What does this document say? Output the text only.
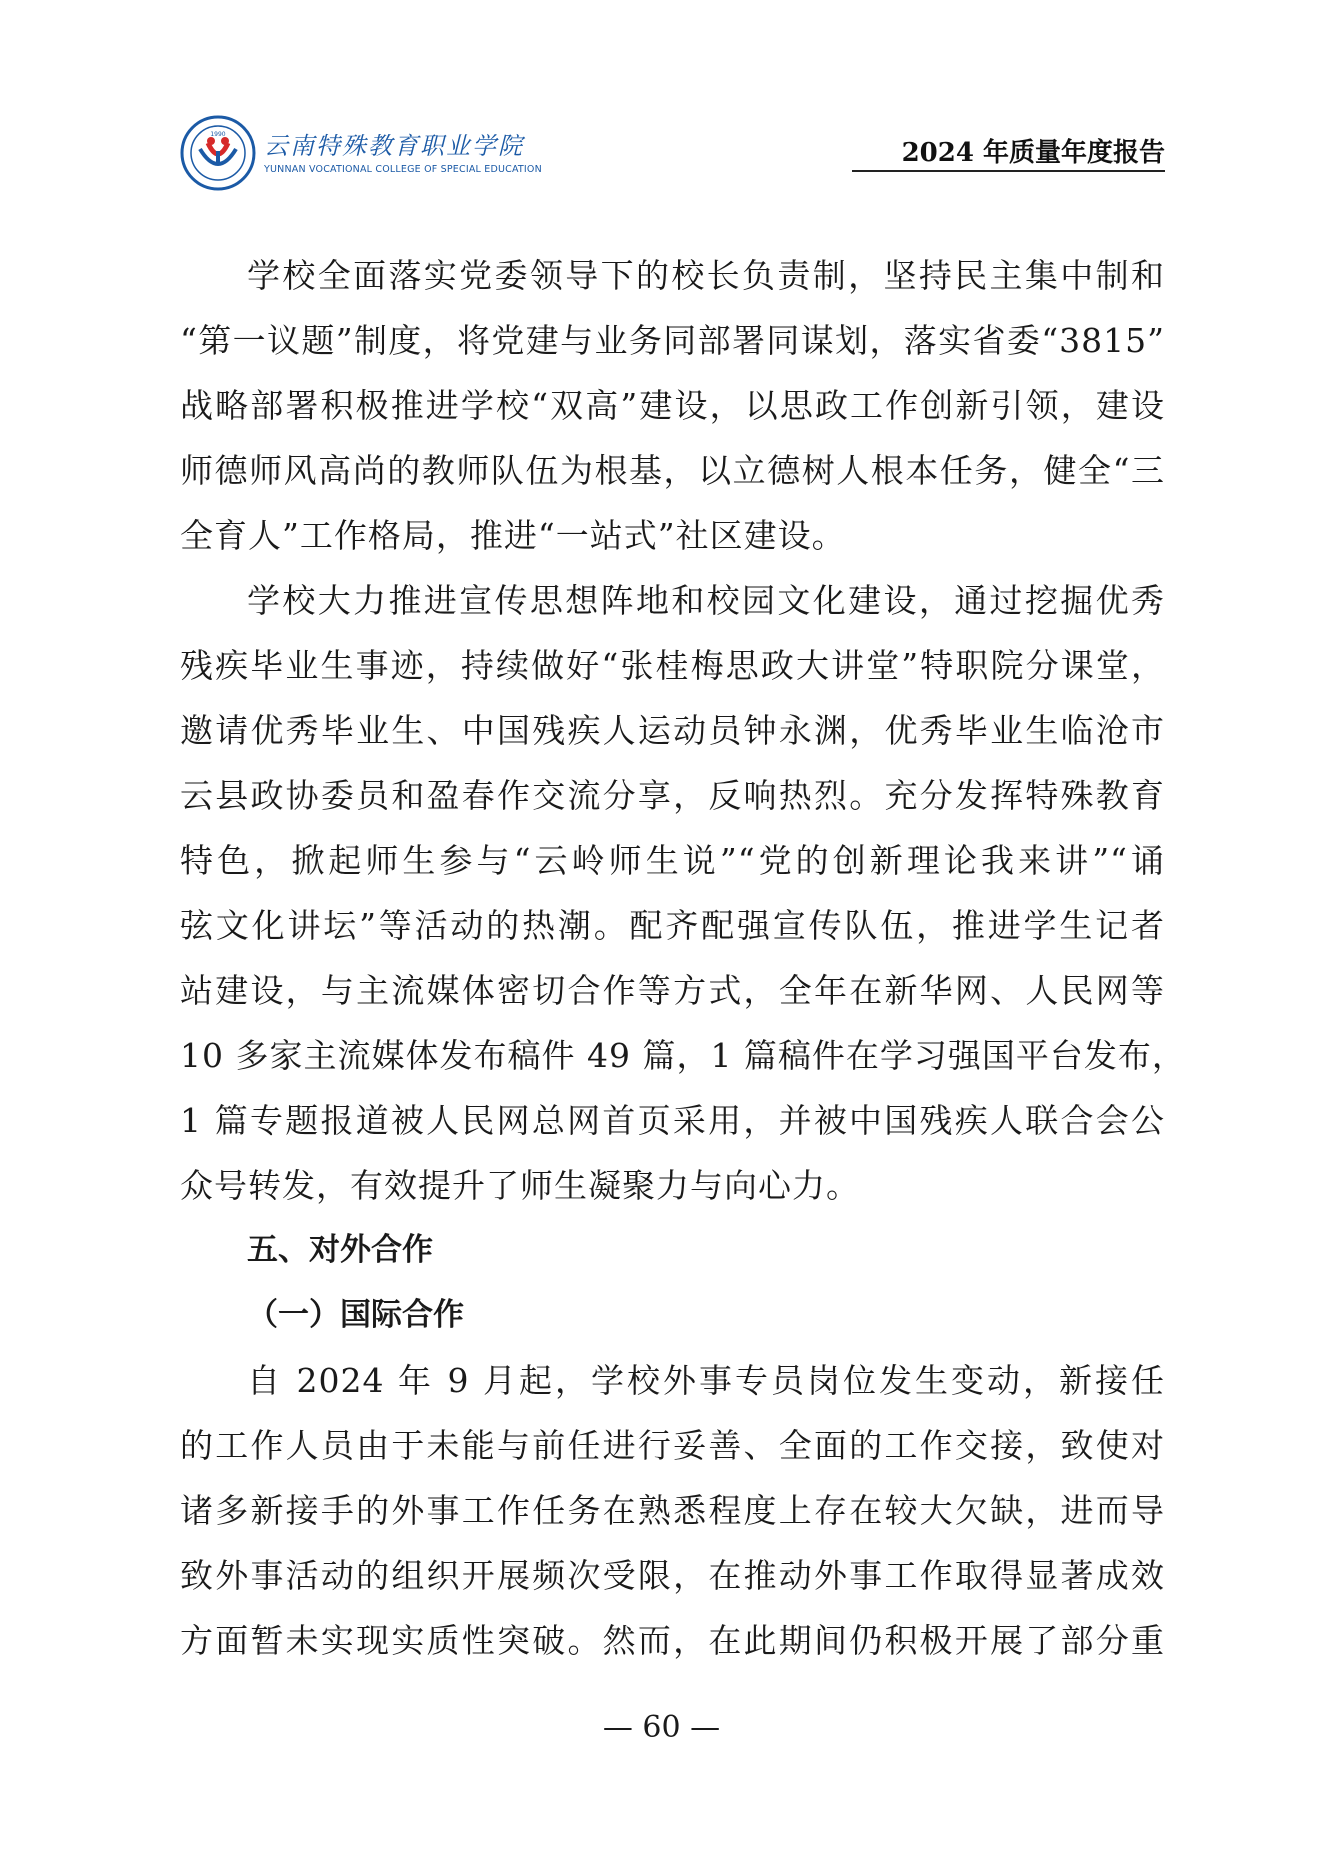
1990 云南特殊教育职业学院
YUNNAN VOCATIONAL COLLEGE OF SPECIAL EDUCATION
2024 年质量年度报告

学校全面落实党委领导下的校长负责制，坚持民主集中制和

“第一议题”制度，将党建与业务同部署同谋划，落实省委“3815”

战略部署积极推进学校“双高”建设，以思政工作创新引领，建设

师德师风高尚的教师队伍为根基，以立德树人根本任务，健全“三

全育人”工作格局，推进“一站式”社区建设。

学校大力推进宣传思想阵地和校园文化建设，通过挖掘优秀

残疾毕业生事迹，持续做好“张桂梅思政大讲堂”特职院分课堂，

邀请优秀毕业生、中国残疾人运动员钟永渊，优秀毕业生临沧市

云县政协委员和盈春作交流分享，反响热烈。充分发挥特殊教育

特色，掀起师生参与“云岭师生说”“党的创新理论我来讲”“诵

弦文化讲坛”等活动的热潮。配齐配强宣传队伍，推进学生记者

站建设，与主流媒体密切合作等方式，全年在新华网、人民网等

10 多家主流媒体发布稿件 49 篇，1 篇稿件在学习强国平台发布，

1 篇专题报道被人民网总网首页采用，并被中国残疾人联合会公

众号转发，有效提升了师生凝聚力与向心力。

五、对外合作
（一）国际合作

自 2024 年 9 月起，学校外事专员岗位发生变动，新接任

的工作人员由于未能与前任进行妥善、全面的工作交接，致使对

诸多新接手的外事工作任务在熟悉程度上存在较大欠缺，进而导

致外事活动的组织开展频次受限，在推动外事工作取得显著成效

方面暂未实现实质性突破。然而，在此期间仍积极开展了部分重

— 60 —
